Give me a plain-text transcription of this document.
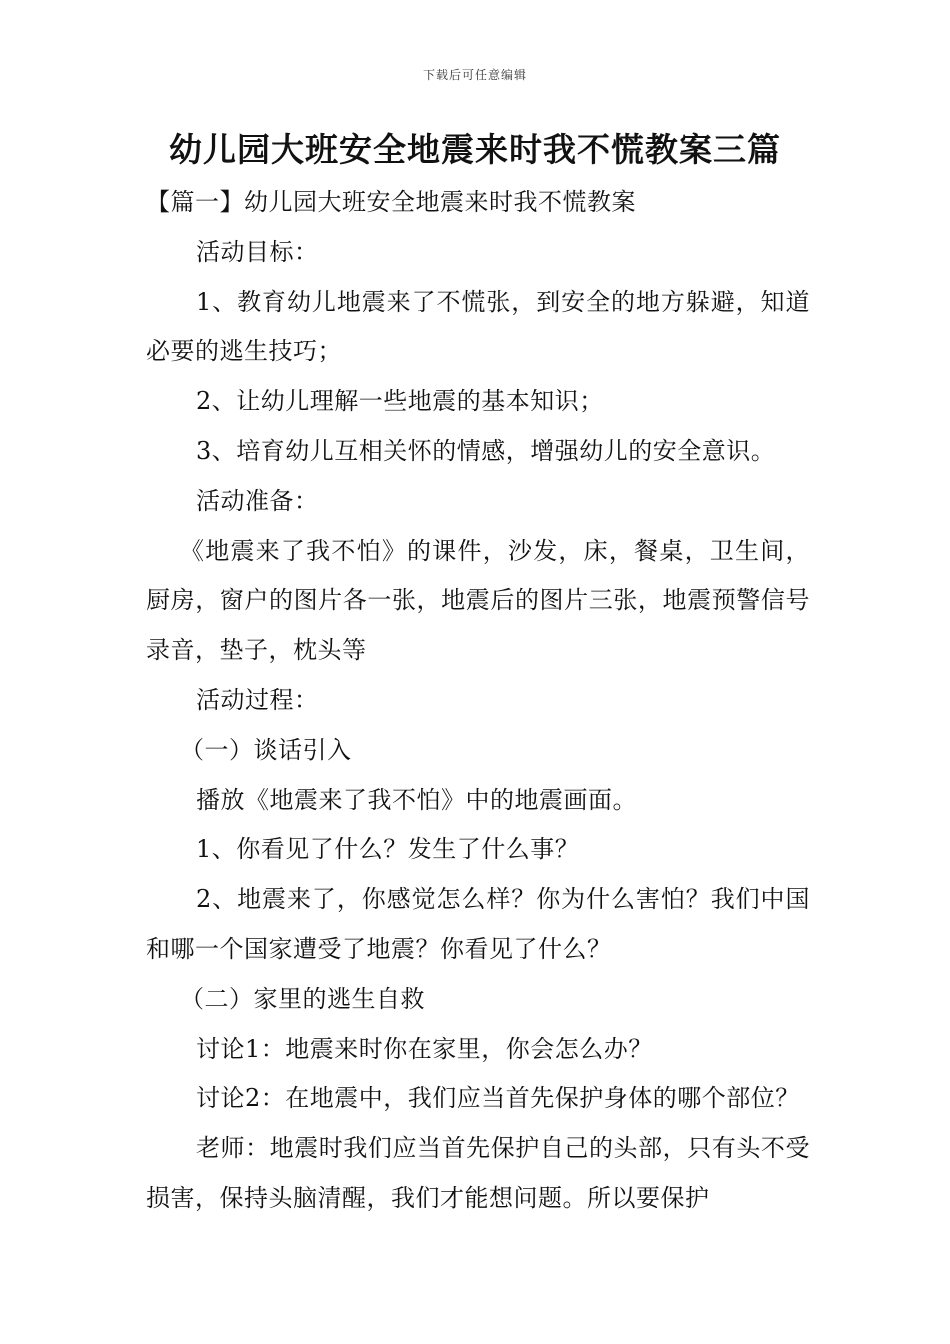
下载后可任意编辑
幼儿园大班安全地震来时我不慌教案三篇

【篇一】幼儿园大班安全地震来时我不慌教案

活动目标：

1、教育幼儿地震来了不慌张，到安全的地方躲避，知道必要的逃生技巧；

2、让幼儿理解一些地震的基本知识；

3、培育幼儿互相关怀的情感，增强幼儿的安全意识。

活动准备：

《地震来了我不怕》的课件，沙发，床，餐桌，卫生间，厨房，窗户的图片各一张，地震后的图片三张，地震预警信号录音，垫子，枕头等

活动过程：

（一）谈话引入

播放《地震来了我不怕》中的地震画面。

1、你看见了什么？发生了什么事？

2、地震来了，你感觉怎么样？你为什么害怕？我们中国和哪一个国家遭受了地震？你看见了什么？

（二）家里的逃生自救

讨论1：地震来时你在家里，你会怎么办？

讨论2：在地震中，我们应当首先保护身体的哪个部位？

老师：地震时我们应当首先保护自己的头部，只有头不受损害，保持头脑清醒，我们才能想问题。所以要保护
